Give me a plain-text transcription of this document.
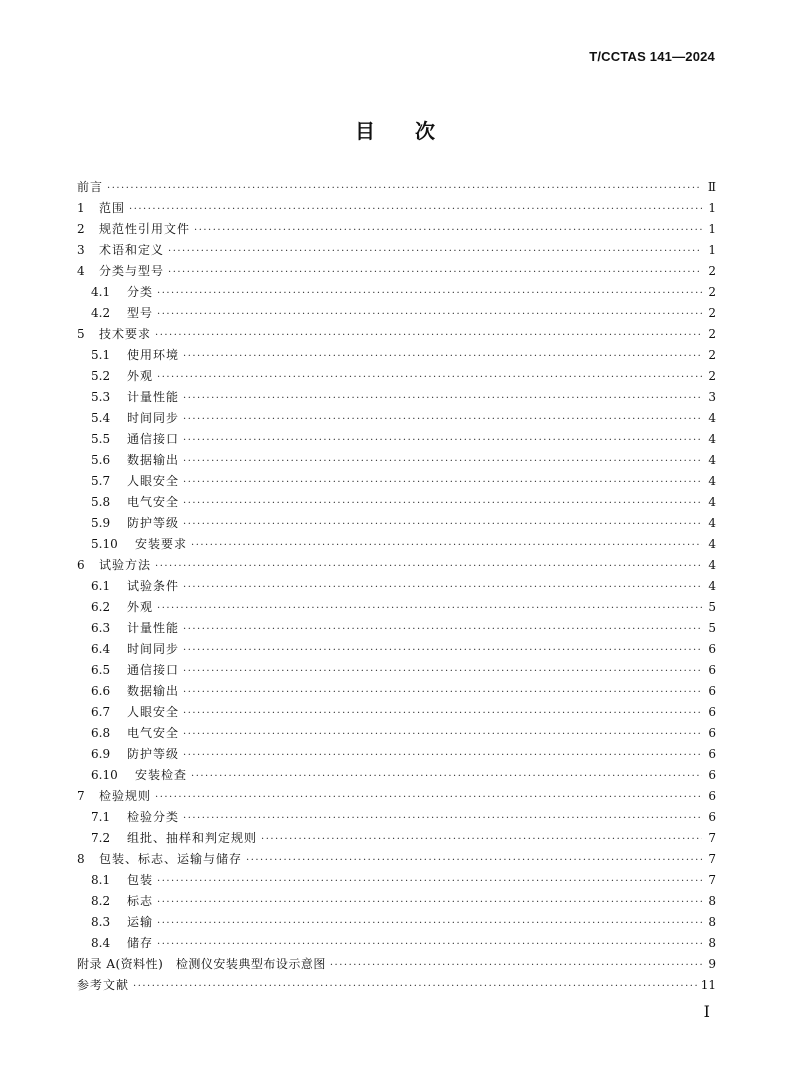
T/CCTAS 141—2024
目 次
前言 ·····	Ⅱ
1	范围 ·····	1
2	规范性引用文件 ·····	1
3	术语和定义 ·····	1
4	分类与型号 ·····	2
4.1	分类 ·····	2
4.2	型号 ·····	2
5	技术要求 ·····	2
5.1	使用环境 ·····	2
5.2	外观 ·····	2
5.3	计量性能 ·····	3
5.4	时间同步 ·····	4
5.5	通信接口 ·····	4
5.6	数据输出 ·····	4
5.7	人眼安全 ·····	4
5.8	电气安全 ·····	4
5.9	防护等级 ·····	4
5.10	安装要求 ·····	4
6	试验方法 ·····	4
6.1	试验条件 ·····	4
6.2	外观 ·····	5
6.3	计量性能 ·····	5
6.4	时间同步 ·····	6
6.5	通信接口 ·····	6
6.6	数据输出 ·····	6
6.7	人眼安全 ·····	6
6.8	电气安全 ·····	6
6.9	防护等级 ·····	6
6.10	安装检查 ·····	6
7	检验规则 ·····	6
7.1	检验分类 ·····	6
7.2	组批、抽样和判定规则 ·····	7
8	包装、标志、运输与储存 ·····	7
8.1	包装 ·····	7
8.2	标志 ·····	8
8.3	运输 ·····	8
8.4	储存 ·····	8
附录 A(资料性)　检测仪安装典型布设示意图 ·····	9
参考文献 ·····	11
Ⅰ
